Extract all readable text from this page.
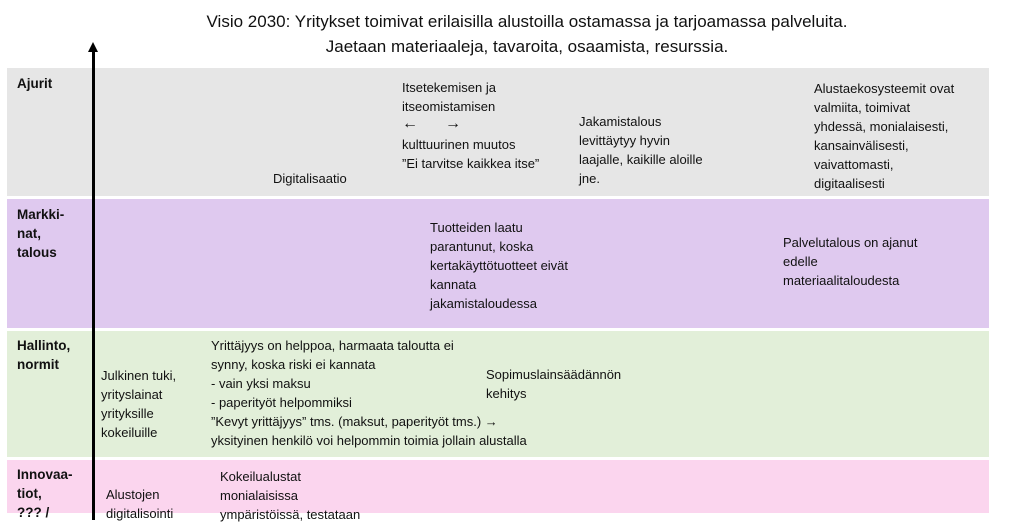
Visio 2030: Yritykset toimivat erilaisilla alustoilla ostamassa ja tarjoamassa palveluita.
Jaetaan materiaaleja, tavaroita, osaamista, resurssia.
Ajurit
Digitalisaatio
Itsetekemisen ja
itseomistamisen
← →
kulttuurinen muutos
”Ei tarvitse kaikkea itse”
Jakamistalous
levittäytyy hyvin
laajalle, kaikille aloille
jne.
Alustaekosysteemit ovat
valmiita, toimivat
yhdessä, monialaisesti,
kansainvälisesti,
vaivattomasti,
digitaalisesti
Markki-
nat,
talous
Tuotteiden laatu
parantunut, koska
kertakäyttötuotteet eivät
kannata
jakamistaloudessa
Palvelutalous on ajanut
edelle
materiaalitaloudesta
Hallinto,
normit
Julkinen tuki,
yrityslainat
yrityksille
kokeiluille
Yrittäjyys on helppoa, harmaata taloutta ei
synny, koska riski ei kannata
- vain yksi maksu
- paperityöt helpommiksi
”Kevyt yrittäjyys” tms. (maksut, paperityöt tms.) →
yksityinen henkilö voi helpommin toimia jollain alustalla
Sopimuslainsäädännön
kehitys
Innovaa-
tiot,
??? /
Alustojen
digitalisointi
Kokeilualustat
monialaisissa
ympäristöissä, testataan
